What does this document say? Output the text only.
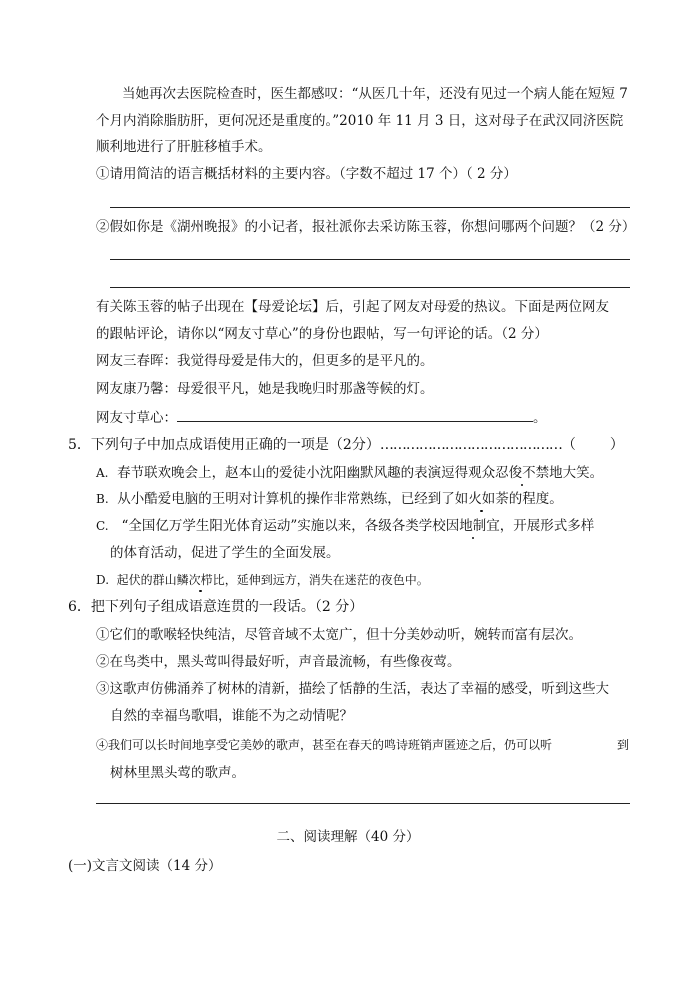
当她再次去医院检查时，医生都感叹：“从医几十年，还没有见过一个病人能在短短 7
个月内消除脂肪肝，更何况还是重度的。”2010 年 11 月 3 日，这对母子在武汉同济医院
顺利地进行了肝脏移植手术。
①请用简洁的语言概括材料的主要内容。（字数不超过 17 个）（ 2 分）
②假如你是《湖州晚报》的小记者，报社派你去采访陈玉蓉，你想问哪两个问题？（2 分）
有关陈玉蓉的帖子出现在【母爱论坛】后，引起了网友对母爱的热议。下面是两位网友
的跟帖评论，请你以“网友寸草心”的身份也跟帖，写一句评论的话。（2 分）
网友三春晖：我觉得母爱是伟大的，但更多的是平凡的。
网友康乃馨：母爱很平凡，她是我晚归时那盏等候的灯。
网友寸草心：	。
5．下列句子中加点成语使用正确的一项是（2分）……………………………………（ ）
A. 春节联欢晚会上，赵本山的爱徒小沈阳幽默风趣的表演逗得观众忍俊不禁地大笑。
B. 从小酷爱电脑的王明对计算机的操作非常熟练，已经到了如火如荼的程度。
C. “全国亿万学生阳光体育运动”实施以来，各级各类学校因地制宜，开展形式多样
的体育活动，促进了学生的全面发展。
D. 起伏的群山鳞次栉比，延伸到远方，消失在迷茫的夜色中。
6．把下列句子组成语意连贯的一段话。（2 分）
①它们的歌喉轻快纯洁，尽管音域不太宽广，但十分美妙动听，婉转而富有层次。
②在鸟类中，黑头莺叫得最好听，声音最流畅，有些像夜莺。
③这歌声仿佛涌养了树林的清新，描绘了恬静的生活，表达了幸福的感受，听到这些大
自然的幸福鸟歌唱，谁能不为之动情呢？
④我们可以长时间地享受它美妙的歌声，甚至在春天的鸣诗班销声匿迹之后，仍可以听	到
树林里黑头莺的歌声。
二、阅读理解（40 分）
(一)文言文阅读（14 分）
